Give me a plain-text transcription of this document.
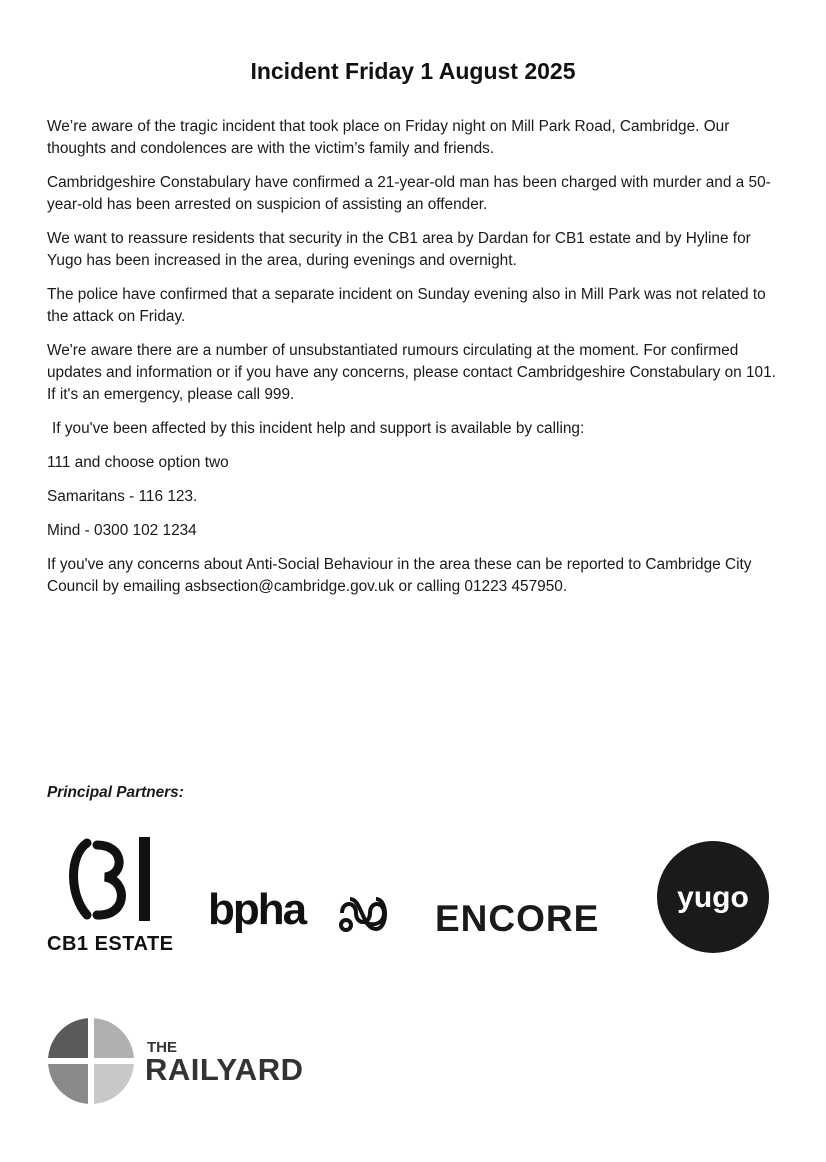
Incident Friday 1 August 2025

We’re aware of the tragic incident that took place on Friday night on Mill Park Road, Cambridge. Our thoughts and condolences are with the victim’s family and friends.

Cambridgeshire Constabulary have confirmed a 21-year-old man has been charged with murder and a 50-year-old has been arrested on suspicion of assisting an offender.

We want to reassure residents that security in the CB1 area by Dardan for CB1 estate and by Hyline for Yugo has been increased in the area, during evenings and overnight.

The police have confirmed that a separate incident on Sunday evening also in Mill Park was not related to the attack on Friday.

We're aware there are a number of unsubstantiated rumours circulating at the moment. For confirmed updates and information or if you have any concerns, please contact Cambridgeshire Constabulary on 101. If it's an emergency, please call 999.

If you've been affected by this incident help and support is available by calling:

111 and choose option two

Samaritans - 116 123.

Mind - 0300 102 1234

If you've any concerns about Anti-Social Behaviour in the area these can be reported to Cambridge City Council by emailing asbsection@cambridge.gov.uk or calling 01223 457950.

Principal Partners:
CB1 ESTATE
bpha	ENCORE
yugo
THE
RAILYARD
